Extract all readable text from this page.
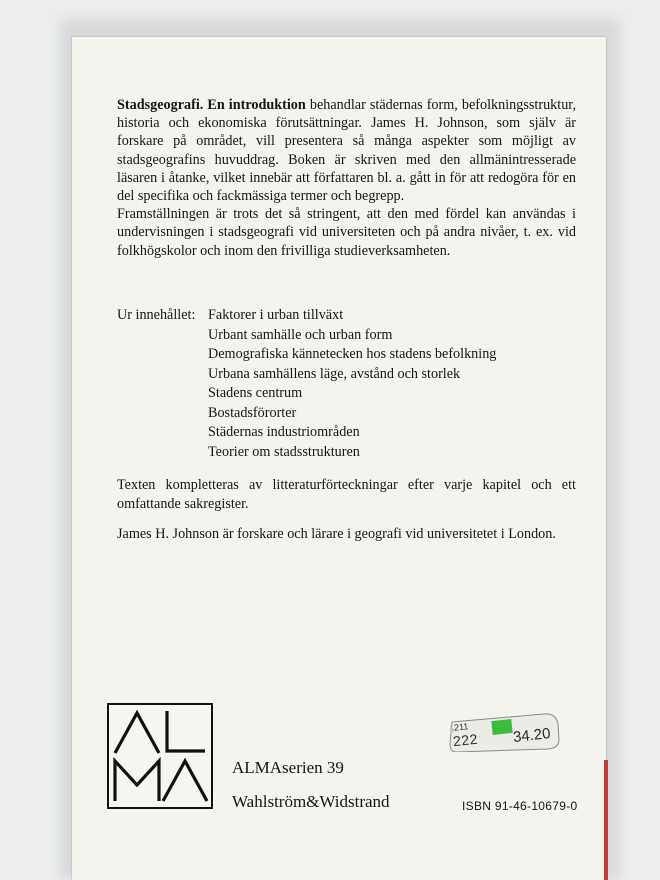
Stadsgeografi. En introduktion behandlar städernas form, befolkningsstruktur, historia och ekonomiska förutsättningar. James H. Johnson, som själv är forskare på området, vill presentera så många aspekter som möjligt av stadsgeografins huvuddrag. Boken är skriven med den allmänintresserade läsaren i åtanke, vilket innebär att författaren bl. a. gått in för att redogöra för en del specifika och fackmässiga termer och begrepp.

Framställningen är trots det så stringent, att den med fördel kan användas i undervisningen i stadsgeografi vid universiteten och på andra nivåer, t. ex. vid folkhögskolor och inom den frivilliga studieverksamheten.

Ur innehållet: Faktorer i urban tillväxt
Urbant samhälle och urban form
Demografiska kännetecken hos stadens befolkning
Urbana samhällens läge, avstånd och storlek
Stadens centrum
Bostadsförorter
Städernas industriområden
Teorier om stadsstrukturen

Texten kompletteras av litteraturförteckningar efter varje kapitel och ett omfattande sakregister.

James H. Johnson är forskare och lärare i geografi vid universitetet i London.

ALMAserien 39
Wahlström&Widstrand	ISBN 91-46-10679-0
211
222 34.20
